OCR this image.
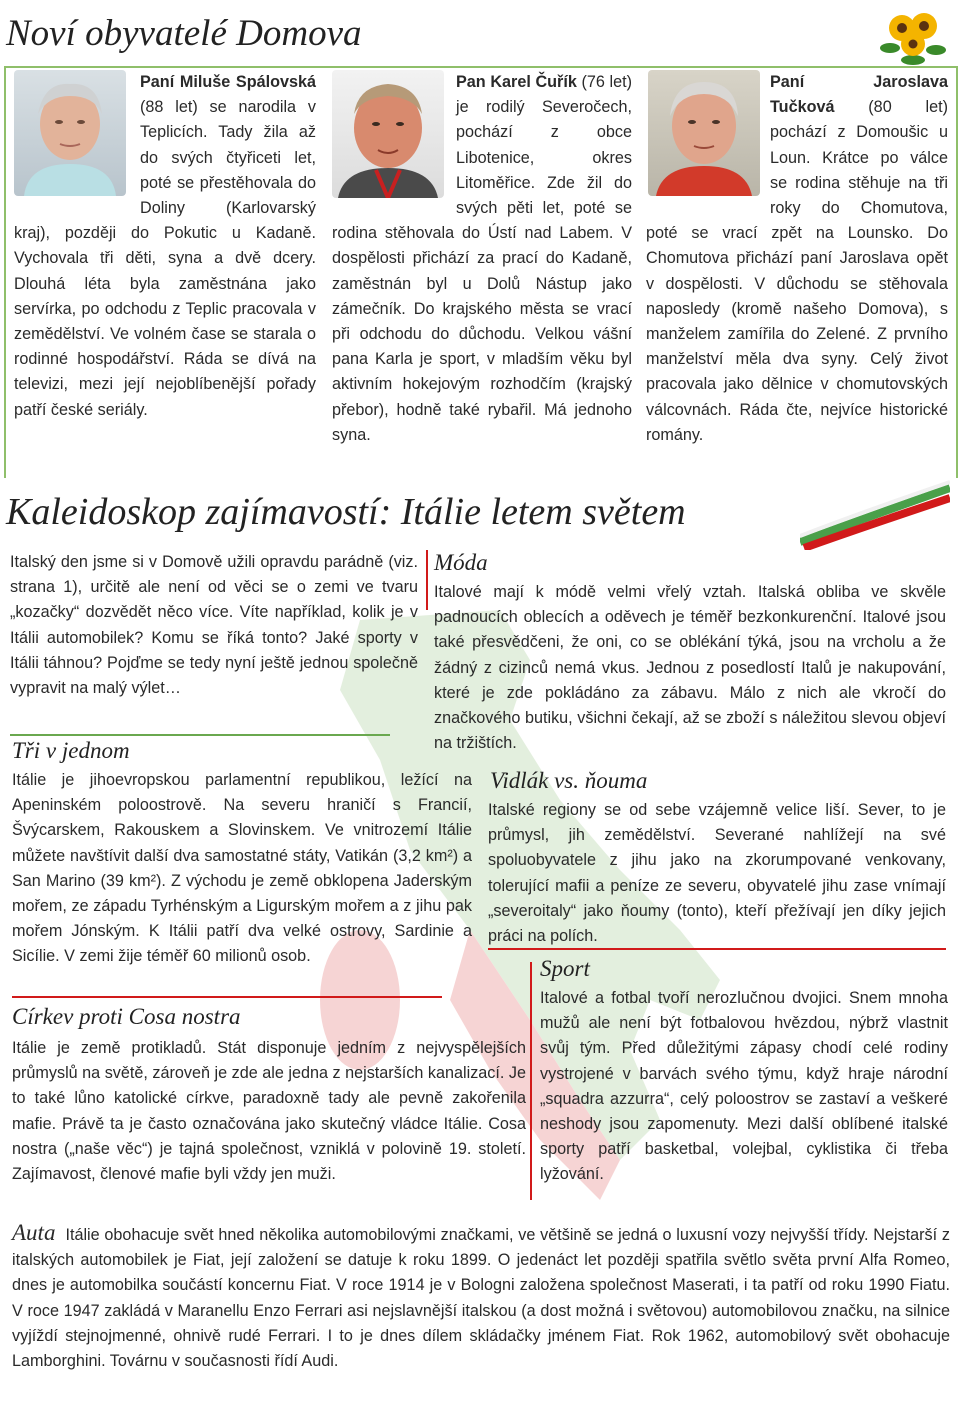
Noví obyvatelé Domova
Paní Miluše Spálovská (88 let) se narodila v Teplicích. Tady žila až do svých čtyřiceti let, poté se přestěhovala do Doliny (Karlovarský kraj), později do Pokutic u Kadaně. Vychovala tři děti, syna a dvě dcery. Dlouhá léta byla zaměstnána jako servírka, po odchodu z Teplic pracovala v zemědělství. Ve volném čase se starala o rodinné hospodářství. Ráda se dívá na televizi, mezi její nejoblíbenější pořady patří české seriály.
Pan Karel Čuřík (76 let) je rodilý Severočech, pochází z obce Libotenice, okres Litoměřice. Zde žil do svých pěti let, poté se rodina stěhovala do Ústí nad Labem. V dospělosti přichází za prací do Kadaně, zaměstnán byl u Dolů Nástup jako zámečník. Do krajského města se vrací při odchodu do důchodu. Velkou vášní pana Karla je sport, v mladším věku byl aktivním hokejovým rozhodčím (krajský přebor), hodně také rybařil. Má jednoho syna.
Paní Jaroslava Tučková (80 let) pochází z Domoušic u Loun. Krátce po válce se rodina stěhuje na tři roky do Chomutova, poté se vrací zpět na Lounsko. Do Chomutova přichází paní Jaroslava opět v dospělosti. V důchodu se stěhovala naposledy (kromě našeho Domova), s manželem zamířila do Zelené. Z prvního manželství měla dva syny. Celý život pracovala jako dělnice v chomutovských válcovnách. Ráda čte, nejvíce historické romány.
Kaleidoskop zajímavostí: Itálie letem světem
Italský den jsme si v Domově užili opravdu parádně (viz. strana 1), určitě ale není od věci se o zemi ve tvaru „kozačky“ dozvědět něco více. Víte například, kolik je v Itálii automobilek? Komu se říká tonto? Jaké sporty v Itálii táhnou? Pojďme se tedy nyní ještě jednou společně vypravit na malý výlet…
Móda
Italové mají k módě velmi vřelý vztah. Italská obliba ve skvěle padnoucích oblecích a oděvech je téměř bezkonkurenční. Italové jsou také přesvědčeni, že oni, co se oblékání týká, jsou na vrcholu a že žádný z cizinců nemá vkus. Jednou z posedlostí Italů je nakupování, které je zde pokládáno za zábavu. Málo z nich ale vkročí do značkového butiku, všichni čekají, až se zboží s náležitou slevou objeví na tržištích.
Tři v jednom
Itálie je jihoevropskou parlamentní republikou, ležící na Apeninském poloostrově. Na severu hraničí s Francií, Švýcarskem, Rakouskem a Slovinskem. Ve vnitrozemí Itálie můžete navštívit další dva samostatné státy, Vatikán (3,2 km²) a San Marino (39 km²). Z východu je země obklopena Jaderským mořem, ze západu Tyrhénským a Ligurským mořem a z jihu pak mořem Jónským. K Itálii patří dva velké ostrovy, Sardinie a Sicílie. V zemi žije téměř 60 milionů osob.
Vidlák vs. ňouma
Italské regiony se od sebe vzájemně velice liší. Sever, to je průmysl, jih zemědělství. Severané nahlížejí na své spoluobyvatele z jihu jako na zkorumpované venkovany, tolerující mafii a peníze ze severu, obyvatelé jihu zase vnímají „severoitaly“ jako ňoumy (tonto), kteří přežívají jen díky jejich práci na polích.
Církev proti Cosa nostra
Itálie je země protikladů. Stát disponuje jedním z nejvyspělejších průmyslů na světě, zároveň je zde ale jedna z nejstarších kanalizací. Je to také lůno katolické církve, paradoxně tady ale pevně zakořenila mafie. Právě ta je často označována jako skutečný vládce Itálie. Cosa nostra („naše věc“) je tajná společnost, vzniklá v polovině 19. století. Zajímavost, členové mafie byli vždy jen muži.
Sport
Italové a fotbal tvoří nerozlučnou dvojici. Snem mnoha mužů ale není být fotbalovou hvězdou, nýbrž vlastnit svůj tým. Před důležitými zápasy chodí celé rodiny vystrojené v barvách svého týmu, když hraje národní „squadra azzurra“, celý poloostrov se zastaví a veškeré neshody jsou zapomenuty. Mezi další oblíbené italské sporty patří basketbal, volejbal, cyklistika či třeba lyžování.
Auta Itálie obohacuje svět hned několika automobilovými značkami, ve většině se jedná o luxusní vozy nejvyšší třídy. Nejstarší z italských automobilek je Fiat, její založení se datuje k roku 1899. O jedenáct let později spatřila světlo světa první Alfa Romeo, dnes je automobilka součástí koncernu Fiat. V roce 1914 je v Bologni založena společnost Maserati, i ta patří od roku 1990 Fiatu. V roce 1947 zakládá v Maranellu Enzo Ferrari asi nejslavnější italskou (a dost možná i světovou) automobilovou značku, na silnice vyjíždí stejnojmenné, ohnivě rudé Ferrari. I to je dnes dílem skládačky jménem Fiat. Rok 1962, automobilový svět obohacuje Lamborghini. Továrnu v současnosti řídí Audi.
